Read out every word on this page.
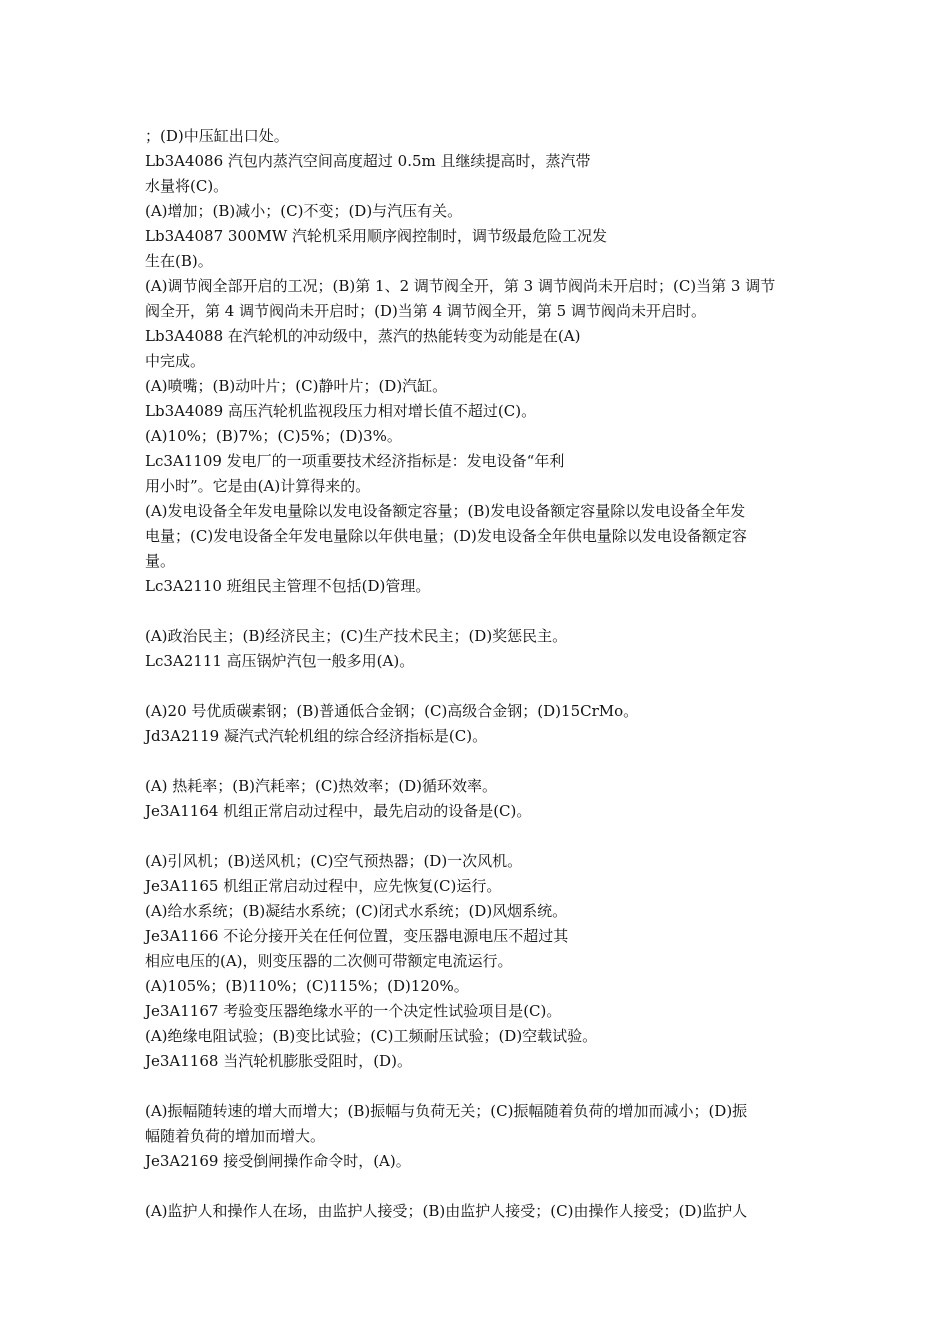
；(D)中压缸出口处。
Lb3A4086 汽包内蒸汽空间高度超过 0.5m 且继续提高时，蒸汽带
水量将(C)。
(A)增加；(B)减小；(C)不变；(D)与汽压有关。
Lb3A4087 300MW 汽轮机采用顺序阀控制时，调节级最危险工况发
生在(B)。
(A)调节阀全部开启的工况；(B)第 1、2 调节阀全开，第 3 调节阀尚未开启时；(C)当第 3 调节
阀全开，第 4 调节阀尚未开启时；(D)当第 4 调节阀全开，第 5 调节阀尚未开启时。
Lb3A4088 在汽轮机的冲动级中，蒸汽的热能转变为动能是在(A)
中完成。
(A)喷嘴；(B)动叶片；(C)静叶片；(D)汽缸。
Lb3A4089 高压汽轮机监视段压力相对增长值不超过(C)。
(A)10%；(B)7%；(C)5%；(D)3%。
Lc3A1109 发电厂的一项重要技术经济指标是：发电设备“年利
用小时”。它是由(A)计算得来的。
(A)发电设备全年发电量除以发电设备额定容量；(B)发电设备额定容量除以发电设备全年发
电量；(C)发电设备全年发电量除以年供电量；(D)发电设备全年供电量除以发电设备额定容
量。
Lc3A2110 班组民主管理不包括(D)管理。
(A)政治民主；(B)经济民主；(C)生产技术民主；(D)奖惩民主。
Lc3A2111 高压锅炉汽包一般多用(A)。
(A)20 号优质碳素钢；(B)普通低合金钢；(C)高级合金钢；(D)15CrMo。
Jd3A2119 凝汽式汽轮机组的综合经济指标是(C)。
(A) 热耗率；(B)汽耗率；(C)热效率；(D)循环效率。
Je3A1164 机组正常启动过程中，最先启动的设备是(C)。
(A)引风机；(B)送风机；(C)空气预热器；(D)一次风机。
Je3A1165 机组正常启动过程中，应先恢复(C)运行。
(A)给水系统；(B)凝结水系统；(C)闭式水系统；(D)风烟系统。
Je3A1166 不论分接开关在任何位置，变压器电源电压不超过其
相应电压的(A)，则变压器的二次侧可带额定电流运行。
(A)105%；(B)110%；(C)115%；(D)120%。
Je3A1167 考验变压器绝缘水平的一个决定性试验项目是(C)。
(A)绝缘电阻试验；(B)变比试验；(C)工频耐压试验；(D)空载试验。
Je3A1168 当汽轮机膨胀受阻时，(D)。
(A)振幅随转速的增大而增大；(B)振幅与负荷无关；(C)振幅随着负荷的增加而减小；(D)振
幅随着负荷的增加而增大。
Je3A2169 接受倒闸操作命令时，(A)。
(A)监护人和操作人在场，由监护人接受；(B)由监护人接受；(C)由操作人接受；(D)监护人
